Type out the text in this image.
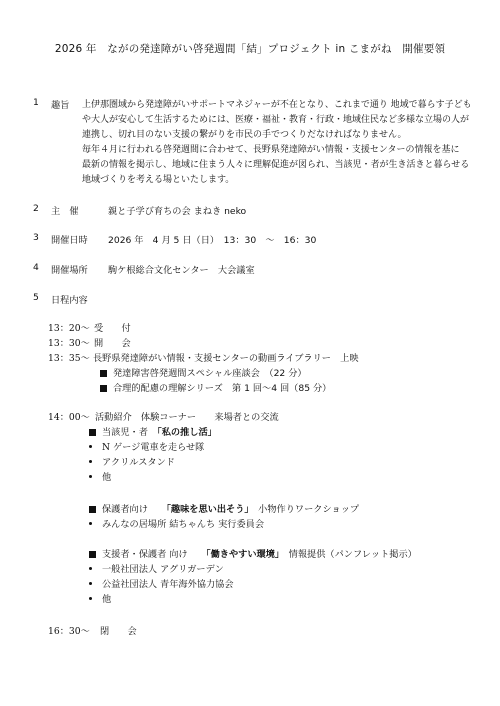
2026 年　ながの発達障がい啓発週間「結」プロジェクト in こまがね　開催要領
1 趣旨 上伊那圏域から発達障がいサポートマネジャーが不在となり、これまで通り 地域で暮らす子ども
や大人が安心して生活するためには、医療・福祉・教育・行政・地域住民など多様な立場の人が
連携し、切れ目のない支援の繋がりを市民の手でつくりだなければなりません。
毎年４月に行われる啓発週間に合わせて、長野県発達障がい情報・支援センターの情報を基に
最新の情報を掲示し、地域に住まう人々に理解促進が図られ、当該児・者が生き活きと暮らせる
地域づくりを考える場といたします。
2 主　催	親と子学び育ちの会 まねき neko
3 開催日時 2026 年　4 月 5 日（日）　13：30　～　16：30
4 開催場所 駒ケ根総合文化センター　大会議室
5 日程内容
13：20～ 受　　付
13：30～ 開　　会
13：35～ 長野県発達障がい情報・支援センターの動画ライブラリー　上映
発達障害啓発週間スペシャル座談会　（22 分）
合理的配慮の理解シリーズ　第 1 回～4 回（85 分）
14：00～ 活動紹介　体験コーナー　　来場者との交流
当該児・者　「私の推し活」
N ゲージ電車を走らせ隊
アクリルスタンド
他
保護者向け　　「趣味を思い出そう」　小物作りワークショップ
みんなの居場所 結ちゃんち 実行委員会
支援者・保護者 向け　　「働きやすい環境」　情報提供（パンフレット掲示）
一般社団法人 アグリガーデン
公益社団法人 青年海外協力協会
他
16：30～ 閉　　会
